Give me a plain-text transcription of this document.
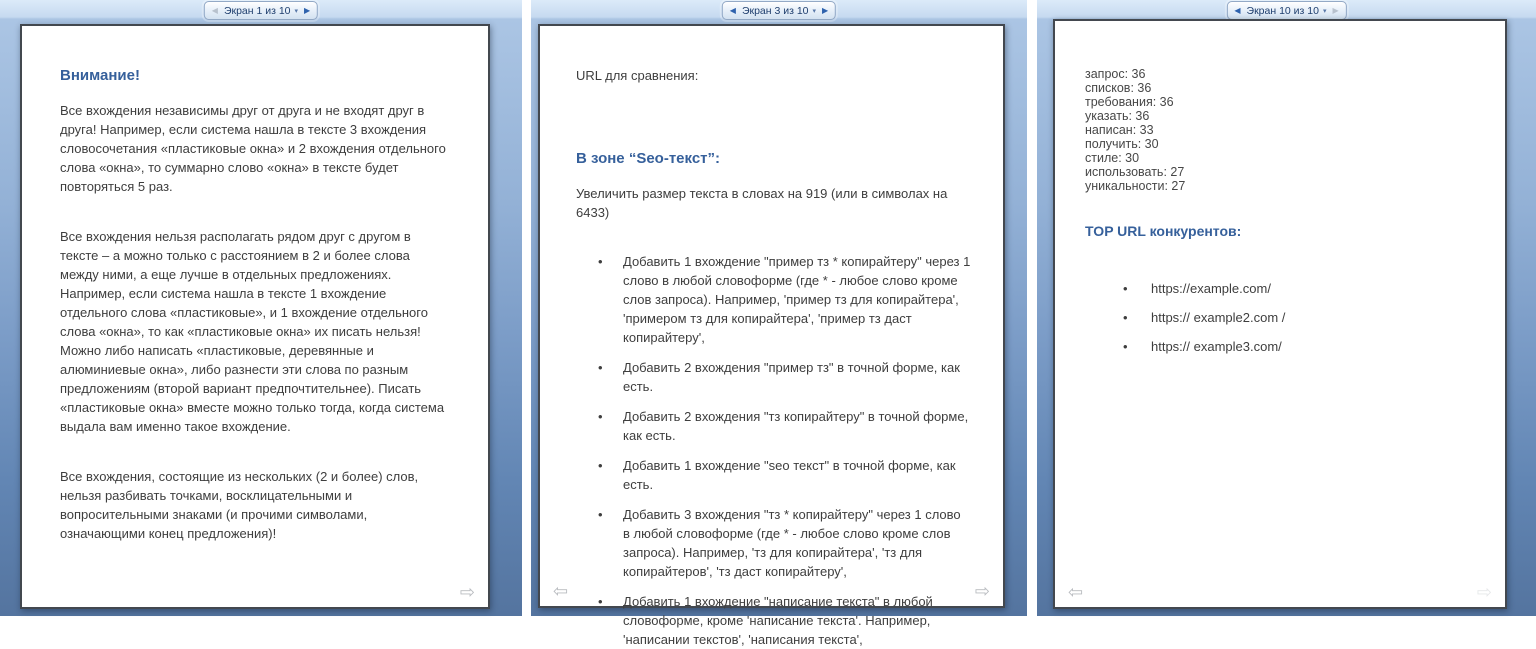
◀ Экран 1 из 10 ▾ ▶
Внимание!

Все вхождения независимы друг от друга и не входят друг в друга! Например, если система нашла в тексте 3 вхождения словосочетания «пластиковые окна» и 2 вхождения отдельного слова «окна», то суммарно слово «окна» в тексте будет повторяться 5 раз.

Все вхождения нельзя располагать рядом друг с другом в тексте – а можно только с расстоянием в 2 и более слова между ними, а еще лучше в отдельных предложениях. Например, если система нашла в тексте 1 вхождение отдельного слова «пластиковые», и 1 вхождение отдельного слова «окна», то как «пластиковые окна» их писать нельзя! Можно либо написать «пластиковые, деревянные и алюминиевые окна», либо разнести эти слова по разным предложениям (второй вариант предпочтительнее). Писать «пластиковые окна» вместе можно только тогда, когда система выдала вам именно такое вхождение.

Все вхождения, состоящие из нескольких (2 и более) слов, нельзя разбивать точками, восклицательными и вопросительными знаками (и прочими символами, означающими конец предложения)!

⇨
◀ Экран 3 из 10 ▾ ▶

URL для сравнения:

В зоне “Seo-текст”:

Увеличить размер текста в словах на 919 (или в символах на 6433)

• Добавить 1 вхождение "пример тз * копирайтеру" через 1 слово в любой словоформе (где * - любое слово кроме слов запроса). Например, 'пример тз для копирайтера', 'примером тз для копирайтера', 'пример тз даст копирайтеру',
• Добавить 2 вхождения "пример тз" в точной форме, как есть.
• Добавить 2 вхождения "тз копирайтеру" в точной форме, как есть.
• Добавить 1 вхождение "seo текст" в точной форме, как есть.
• Добавить 3 вхождения "тз * копирайтеру" через 1 слово в любой словоформе (где * - любое слово кроме слов запроса). Например, 'тз для копирайтера', 'тз для копирайтеров', 'тз даст копирайтеру',
• Добавить 1 вхождение "написание текста" в любой словоформе, кроме 'написание текста'. Например, 'написании текстов', 'написания текста',
⇦	⇨
◀ Экран 10 из 10 ▾ ▶
запрос: 36
списков: 36
требования: 36
указать: 36
написан: 33
получить: 30
стиле: 30
использовать: 27
уникальности: 27
TOP URL конкурентов:
• https://example.com/
• https:// example2.com /
• https:// example3.com/
⇦	⇨
